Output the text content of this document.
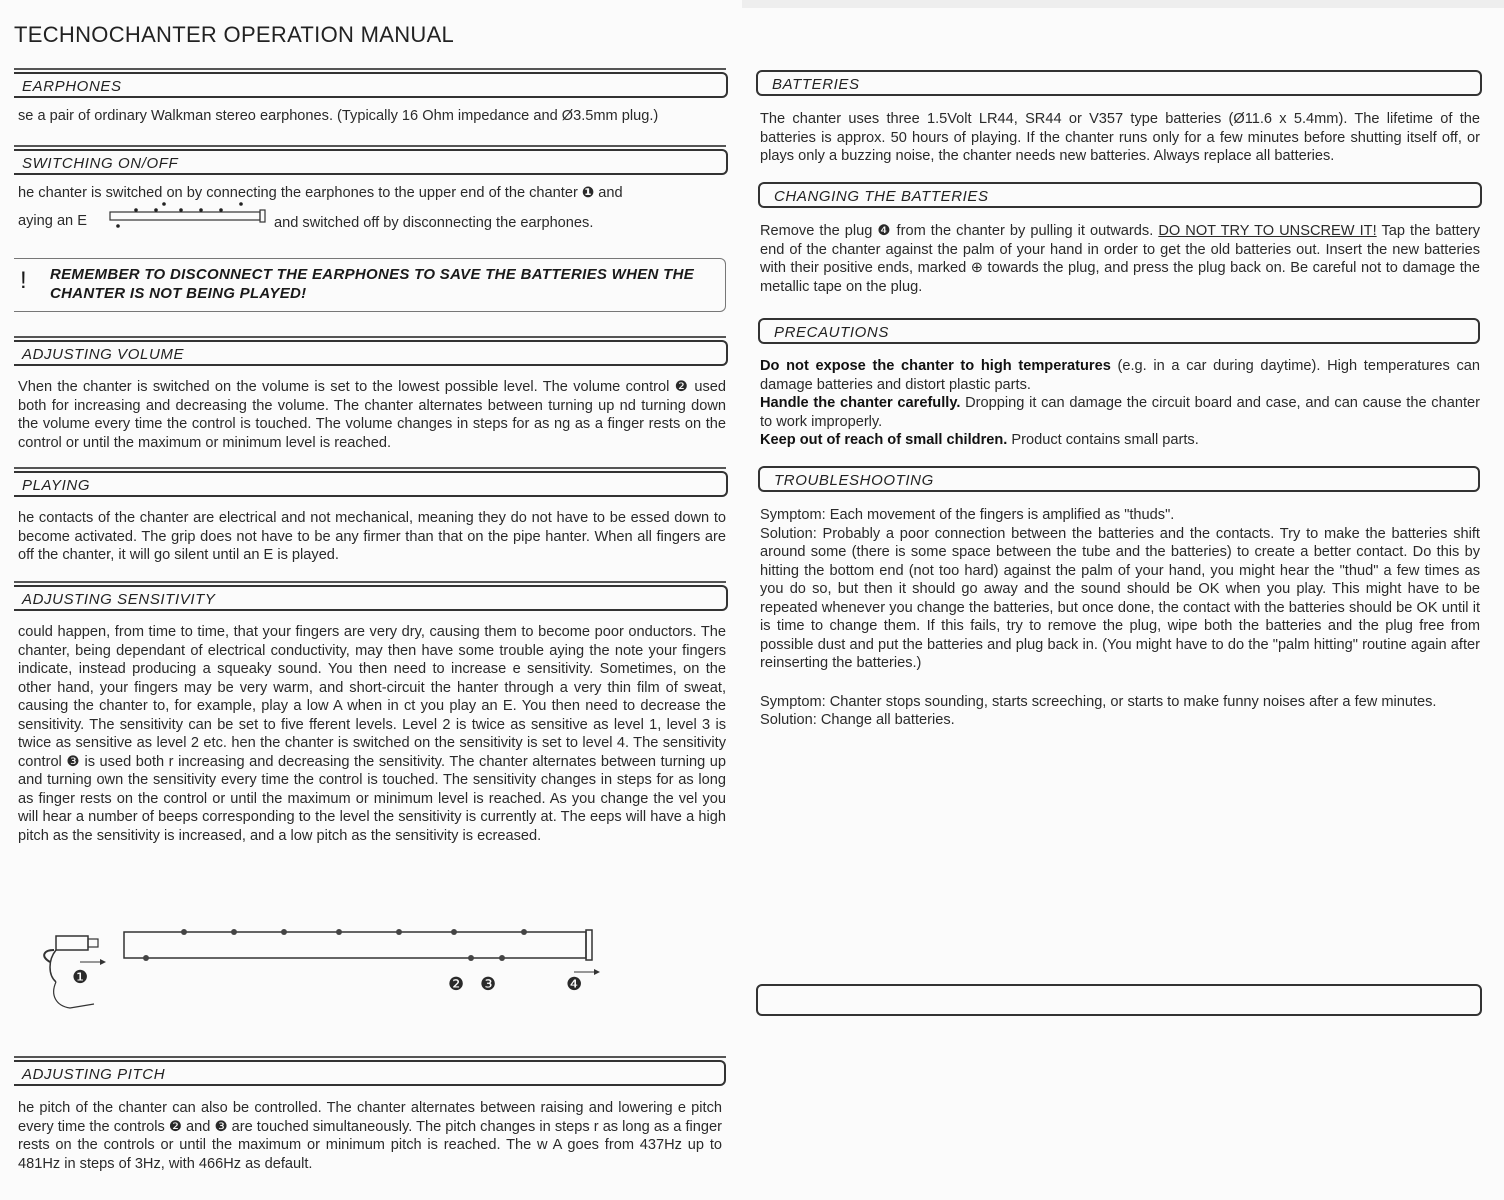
TECHNOCHANTER OPERATION MANUAL
EARPHONES
se a pair of ordinary Walkman stereo earphones. (Typically 16 Ohm impedance and Ø3.5mm plug.)
SWITCHING ON/OFF
he chanter is switched on by connecting the earphones to the upper end of the chanter ❶ and
aying an E	and switched off by disconnecting the earphones.
! REMEMBER TO DISCONNECT THE EARPHONES TO SAVE THE BATTERIES WHEN THE CHANTER IS NOT BEING PLAYED!
ADJUSTING VOLUME
Vhen the chanter is switched on the volume is set to the lowest possible level. The volume control ❷ used both for increasing and decreasing the volume. The chanter alternates between turning up nd turning down the volume every time the control is touched. The volume changes in steps for as ng as a finger rests on the control or until the maximum or minimum level is reached.
PLAYING
he contacts of the chanter are electrical and not mechanical, meaning they do not have to be essed down to become activated. The grip does not have to be any firmer than that on the pipe hanter. When all fingers are off the chanter, it will go silent until an E is played.
ADJUSTING SENSITIVITY
could happen, from time to time, that your fingers are very dry, causing them to become poor onductors. The chanter, being dependant of electrical conductivity, may then have some trouble aying the note your fingers indicate, instead producing a squeaky sound. You then need to increase e sensitivity. Sometimes, on the other hand, your fingers may be very warm, and short-circuit the hanter through a very thin film of sweat, causing the chanter to, for example, play a low A when in ct you play an E. You then need to decrease the sensitivity. The sensitivity can be set to five fferent levels. Level 2 is twice as sensitive as level 1, level 3 is twice as sensitive as level 2 etc. hen the chanter is switched on the sensitivity is set to level 4. The sensitivity control ❸ is used both r increasing and decreasing the sensitivity. The chanter alternates between turning up and turning own the sensitivity every time the control is touched. The sensitivity changes in steps for as long as finger rests on the control or until the maximum or minimum level is reached. As you change the vel you will hear a number of beeps corresponding to the level the sensitivity is currently at. The eeps will have a high pitch as the sensitivity is increased, and a low pitch as the sensitivity is ecreased.
❶	❷ ❸	❹
ADJUSTING PITCH
he pitch of the chanter can also be controlled. The chanter alternates between raising and lowering e pitch every time the controls ❷ and ❸ are touched simultaneously. The pitch changes in steps r as long as a finger rests on the controls or until the maximum or minimum pitch is reached. The w A goes from 437Hz up to 481Hz in steps of 3Hz, with 466Hz as default.
BATTERIES
The chanter uses three 1.5Volt LR44, SR44 or V357 type batteries (Ø11.6 x 5.4mm). The lifetime of the batteries is approx. 50 hours of playing. If the chanter runs only for a few minutes before shutting itself off, or plays only a buzzing noise, the chanter needs new batteries. Always replace all batteries.
CHANGING THE BATTERIES
Remove the plug ❹ from the chanter by pulling it outwards. DO NOT TRY TO UNSCREW IT! Tap the battery end of the chanter against the palm of your hand in order to get the old batteries out. Insert the new batteries with their positive ends, marked ⊕ towards the plug, and press the plug back on. Be careful not to damage the metallic tape on the plug.
PRECAUTIONS

Do not expose the chanter to high temperatures (e.g. in a car during daytime). High temperatures can damage batteries and distort plastic parts.

Handle the chanter carefully. Dropping it can damage the circuit board and case, and can cause the chanter to work improperly.

Keep out of reach of small children. Product contains small parts.

TROUBLESHOOTING

Symptom: Each movement of the fingers is amplified as "thuds".

Solution: Probably a poor connection between the batteries and the contacts. Try to make the batteries shift around some (there is some space between the tube and the batteries) to create a better contact. Do this by hitting the bottom end (not too hard) against the palm of your hand, you might hear the "thud" a few times as you do so, but then it should go away and the sound should be OK when you play. This might have to be repeated whenever you change the batteries, but once done, the contact with the batteries should be OK until it is time to change them. If this fails, try to remove the plug, wipe both the batteries and the plug free from possible dust and put the batteries and plug back in. (You might have to do the "palm hitting" routine again after reinserting the batteries.)

Symptom: Chanter stops sounding, starts screeching, or starts to make funny noises after a few minutes.

Solution: Change all batteries.
